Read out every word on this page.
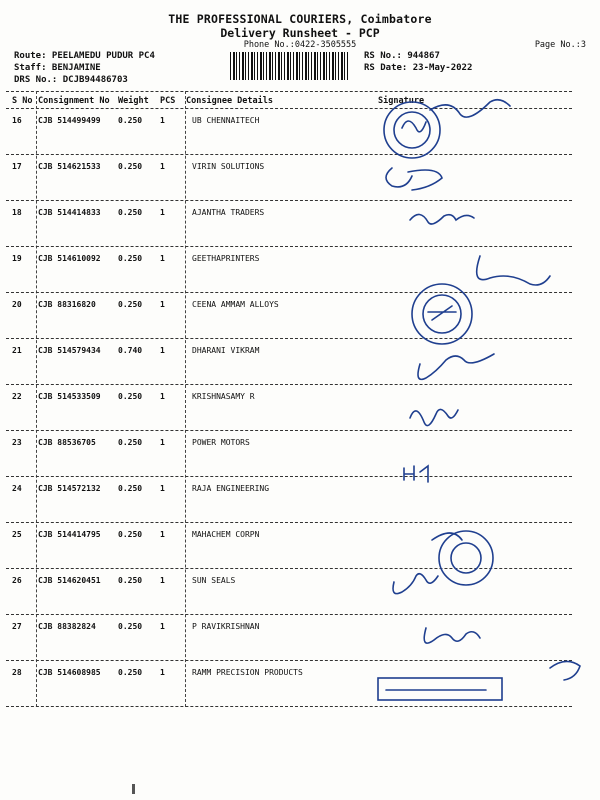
THE PROFESSIONAL COURIERS, Coimbatore
Delivery Runsheet - PCP
Phone No.:0422-3505555	Page No.:3
Route: PEELAMEDU PUDUR PC4
Staff: BENJAMINE
DRS No.: DCJB94486703
RS No.: 944867
RS Date: 23-May-2022
S No Consignment No Weight PCS Consignee Details	Signature
16 CJB 514499499 0.250 1	UB CHENNAITECH
17 CJB 514621533 0.250 1	VIRIN SOLUTIONS
18 CJB 514414833 0.250 1	AJANTHA TRADERS
19 CJB 514610092 0.250 1	GEETHAPRINTERS
20 CJB 88316820	0.250 1	CEENA AMMAM ALLOYS
21 CJB 514579434 0.740 1	DHARANI VIKRAM
22 CJB 514533509 0.250 1	KRISHNASAMY R
23 CJB 88536705	0.250 1	POWER MOTORS
24 CJB 514572132 0.250 1	RAJA ENGINEERING
25 CJB 514414795 0.250 1	MAHACHEM CORPN
26 CJB 514620451 0.250 1	SUN SEALS
27 CJB 88382824	0.250 1	P RAVIKRISHNAN
28 CJB 514608985 0.250 1	RAMM PRECISION PRODUCTS
